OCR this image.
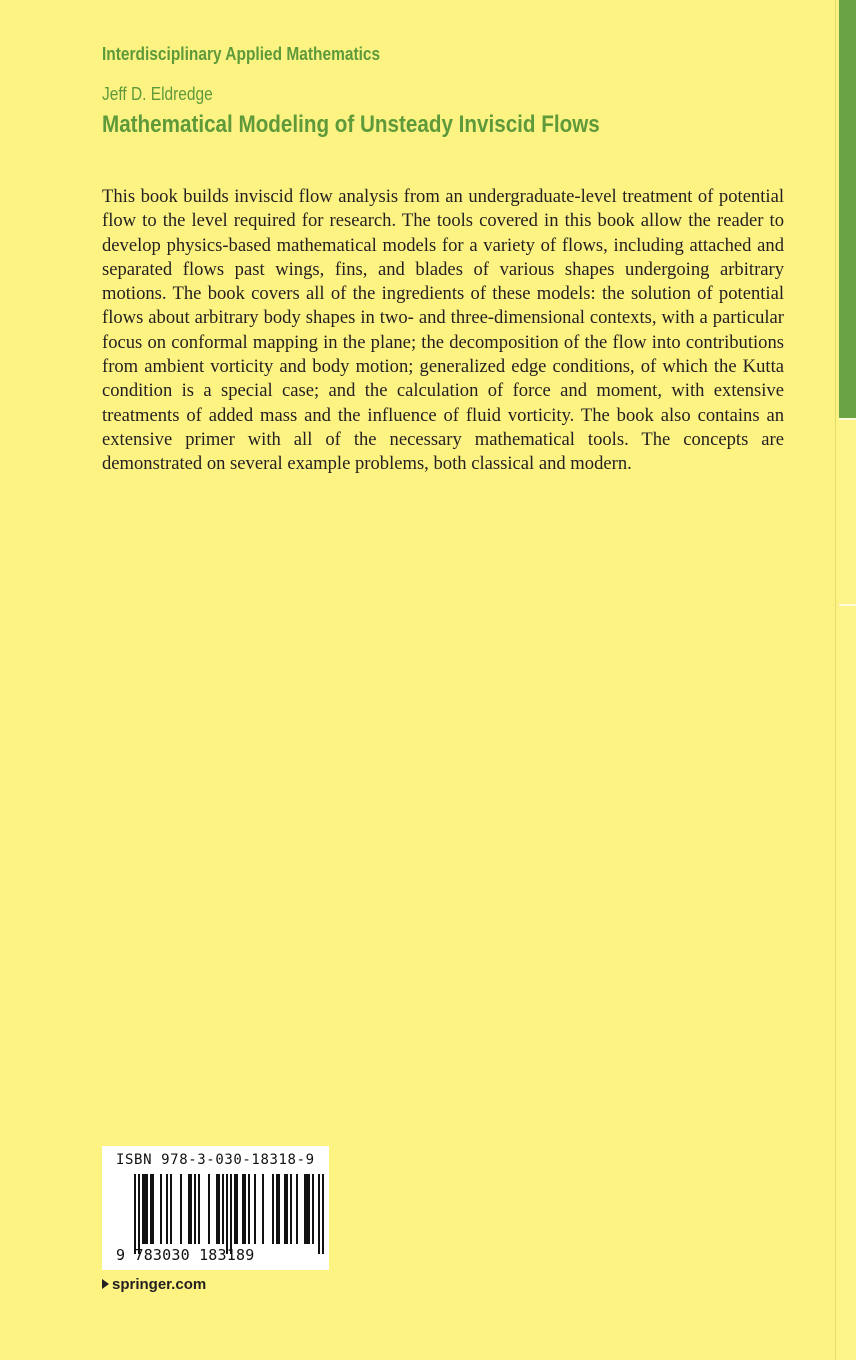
Interdisciplinary Applied Mathematics
Jeff D. Eldredge
Mathematical Modeling of Unsteady Inviscid Flows

This book builds inviscid flow analysis from an undergraduate-level treatment of potential flow to the level required for research. The tools covered in this book allow the reader to develop physics-based mathematical models for a variety of flows, including attached and separated flows past wings, fins, and blades of various shapes undergoing arbitrary motions. The book covers all of the ingredients of these models: the solution of potential flows about arbitrary body shapes in two- and three-dimensional contexts, with a particular focus on conformal mapping in the plane; the decomposition of the flow into contributions from ambient vorticity and body motion; generalized edge conditions, of which the Kutta condition is a special case; and the calculation of force and moment, with extensive treatments of added mass and the influence of fluid vorticity. The book also contains an extensive primer with all of the necessary mathematical tools. The concepts are demonstrated on several example problems, both classical and modern.

ISBN 978-3-030-18318-9
9 783030 183189
springer.com
